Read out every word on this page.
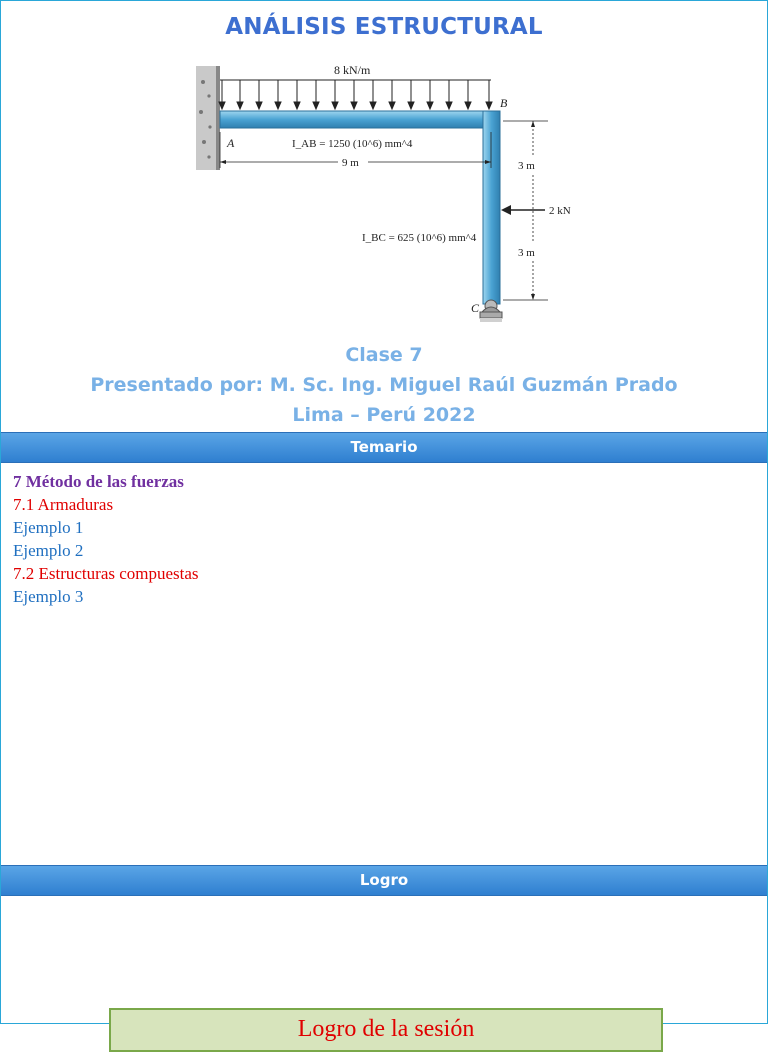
ANÁLISIS ESTRUCTURAL
8 kN/m
A
B
C
I_AB = 1250 (10^6) mm^4
I_BC = 625 (10^6) mm^4
9 m	3 m
3 m
2 kN
Clase 7
Presentado por: M. Sc. Ing. Miguel Raúl Guzmán Prado
Lima – Perú 2022
Temario
7 Método de las fuerzas
7.1 Armaduras
Ejemplo 1
Ejemplo 2
7.2 Estructuras compuestas
Ejemplo 3
Logro
Logro de la sesión
